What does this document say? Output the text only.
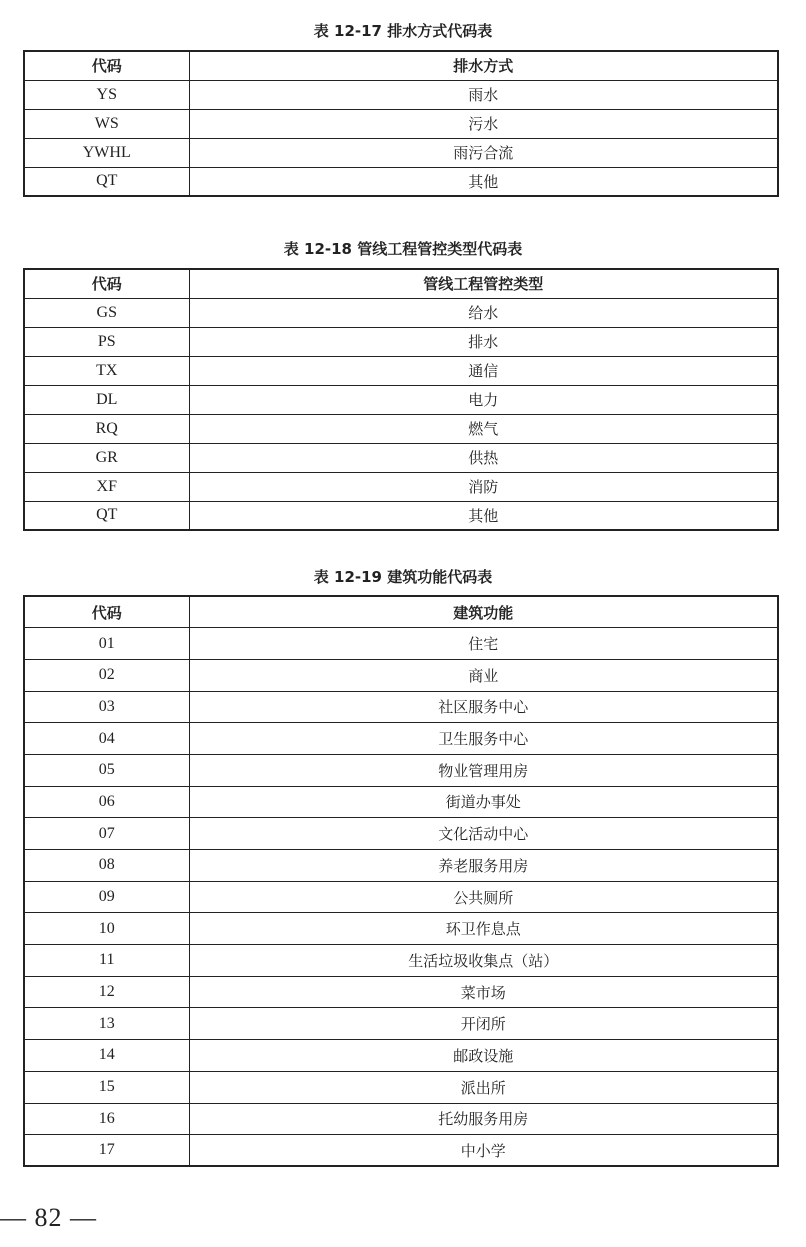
表 12-17 排水方式代码表
代码	排水方式
YS	雨水
WS	污水
YWHL	雨污合流
QT	其他
表 12-18 管线工程管控类型代码表
代码	管线工程管控类型
GS	给水
PS	排水
TX	通信
DL	电力
RQ	燃气
GR	供热
XF	消防
QT	其他
表 12-19 建筑功能代码表
代码	建筑功能
01	住宅
02	商业
03	社区服务中心
04	卫生服务中心
05	物业管理用房
06	街道办事处
07	文化活动中心
08	养老服务用房
09	公共厕所
10	环卫作息点
11	生活垃圾收集点（站）
12	菜市场
13	开闭所
14	邮政设施
15	派出所
16	托幼服务用房
17	中小学
— 82 —
